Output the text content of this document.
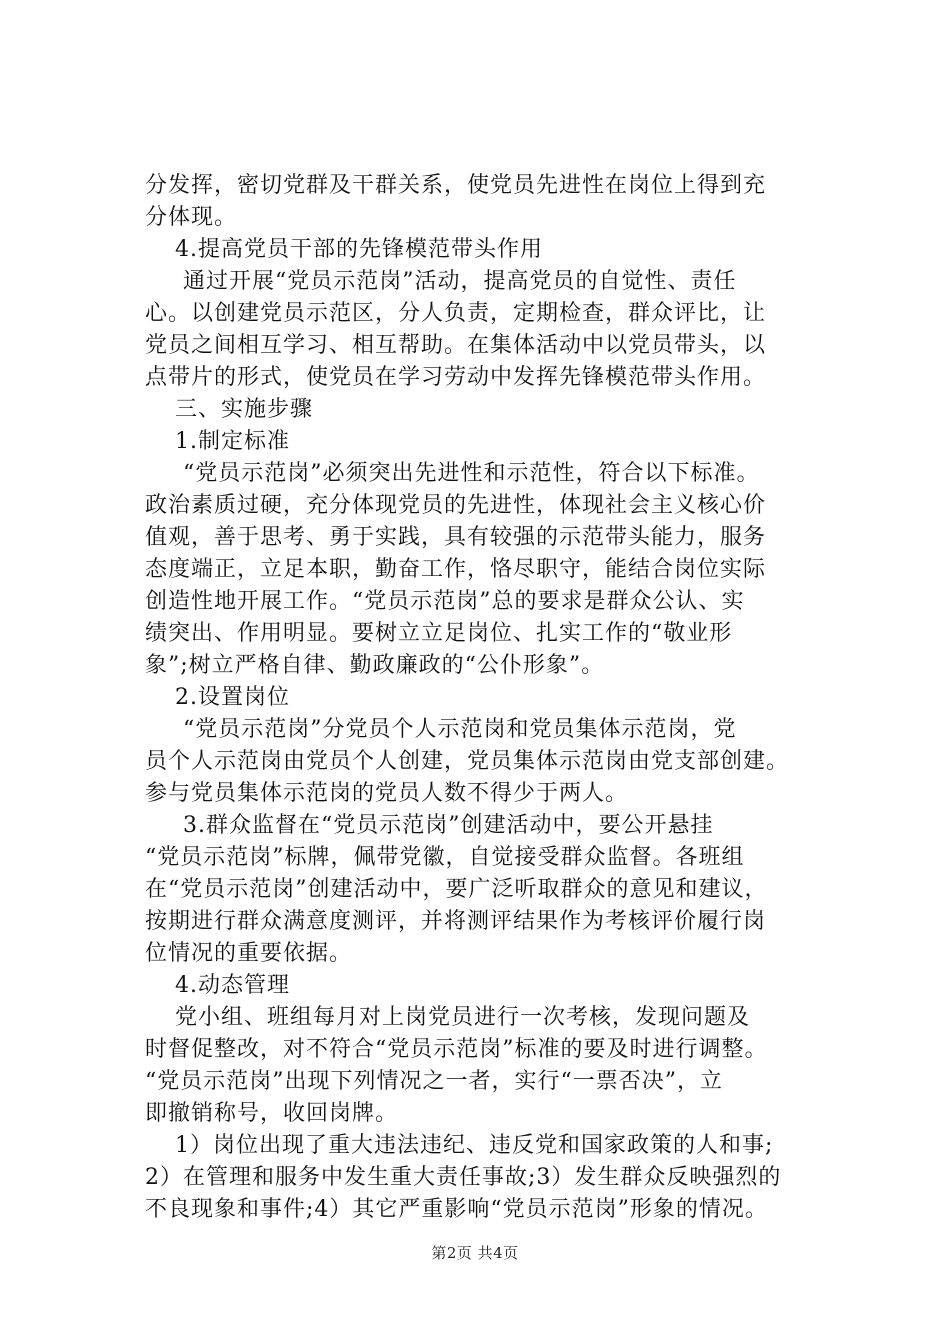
分发挥，密切党群及干群关系，使党员先进性在岗位上得到充
分体现。
4.提高党员干部的先锋模范带头作用
通过开展“党员示范岗”活动，提高党员的自觉性、责任
心。以创建党员示范区，分人负责，定期检查，群众评比，让
党员之间相互学习、相互帮助。在集体活动中以党员带头，以
点带片的形式，使党员在学习劳动中发挥先锋模范带头作用。
三、实施步骤
1.制定标准
“党员示范岗”必须突出先进性和示范性，符合以下标准。
政治素质过硬，充分体现党员的先进性，体现社会主义核心价
值观，善于思考、勇于实践，具有较强的示范带头能力，服务
态度端正，立足本职，勤奋工作，恪尽职守，能结合岗位实际
创造性地开展工作。“党员示范岗”总的要求是群众公认、实
绩突出、作用明显。要树立立足岗位、扎实工作的“敬业形
象”;树立严格自律、勤政廉政的“公仆形象”。
2.设置岗位
“党员示范岗”分党员个人示范岗和党员集体示范岗，党
员个人示范岗由党员个人创建，党员集体示范岗由党支部创建。
参与党员集体示范岗的党员人数不得少于两人。
3.群众监督在“党员示范岗”创建活动中，要公开悬挂
“党员示范岗”标牌，佩带党徽，自觉接受群众监督。各班组
在“党员示范岗”创建活动中，要广泛听取群众的意见和建议，
按期进行群众满意度测评，并将测评结果作为考核评价履行岗
位情况的重要依据。
4.动态管理
党小组、班组每月对上岗党员进行一次考核，发现问题及
时督促整改，对不符合“党员示范岗”标准的要及时进行调整。
“党员示范岗”出现下列情况之一者，实行“一票否决”，立
即撤销称号，收回岗牌。
1）岗位出现了重大违法违纪、违反党和国家政策的人和事;
2）在管理和服务中发生重大责任事故;3）发生群众反映强烈的
不良现象和事件;4）其它严重影响“党员示范岗”形象的情况。
第2页 共4页
